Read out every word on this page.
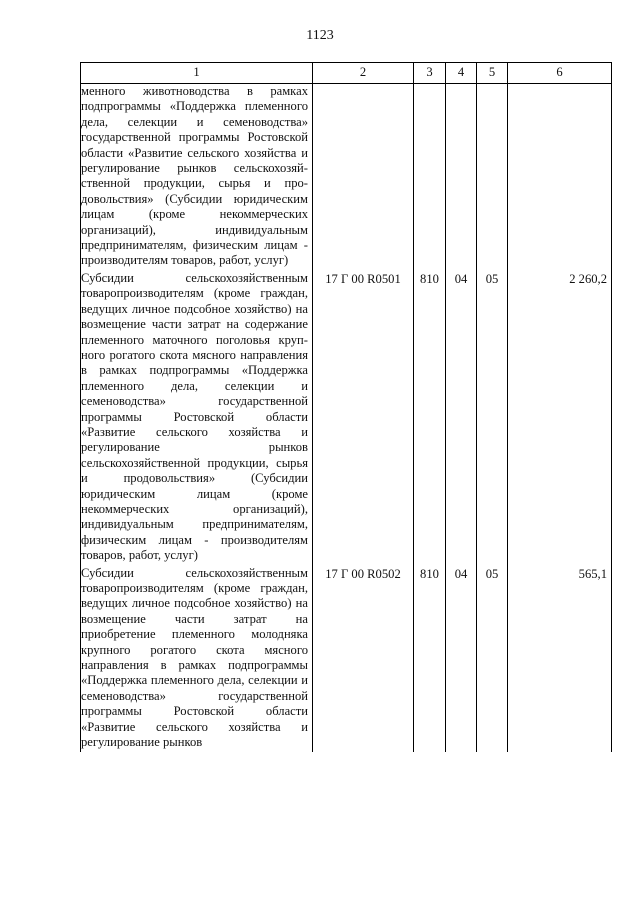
1123
1	2	3	4	5	6
менного животноводства в рамках подпрограммы «Поддержка племенного дела, селекции и семеноводства» государственной программы Ростовской области «Развитие сельского хозяйства и регулирование рынков сельскохозяйственной продукции, сырья и продовольствия» (Субсидии юридическим лицам (кроме некоммерческих организаций), индивидуальным предпринимателям, физическим лицам - производителям товаров, работ, услуг)					
Субсидии сельскохозяйственным товаропроизводителям (кроме граждан, ведущих личное подсобное хозяйство) на возмещение части затрат на содержание племенного маточного поголовья крупного рогатого скота мясного направления в рамках подпрограммы «Поддержка племенного дела, селекции и семеноводства» государственной программы Ростовской области «Развитие сельского хозяйства и регулирование рынков сельскохозяйственной продукции, сырья и продовольствия» (Субсидии юридическим лицам (кроме некоммерческих организаций), индивидуальным предпринимателям, физическим лицам - производителям товаров, работ, услуг)	17 Г 00 R0501	810	04	05	2 260,2
Субсидии сельскохозяйственным товаропроизводителям (кроме граждан, ведущих личное подсобное хозяйство) на возмещение части затрат на приобретение племенного молодняка крупного рогатого скота мясного направления в рамках подпрограммы «Поддержка племенного дела, селекции и семеноводства» государственной программы Ростовской области «Развитие сельского хозяйства и регулирование рынков	17 Г 00 R0502	810	04	05	565,1
